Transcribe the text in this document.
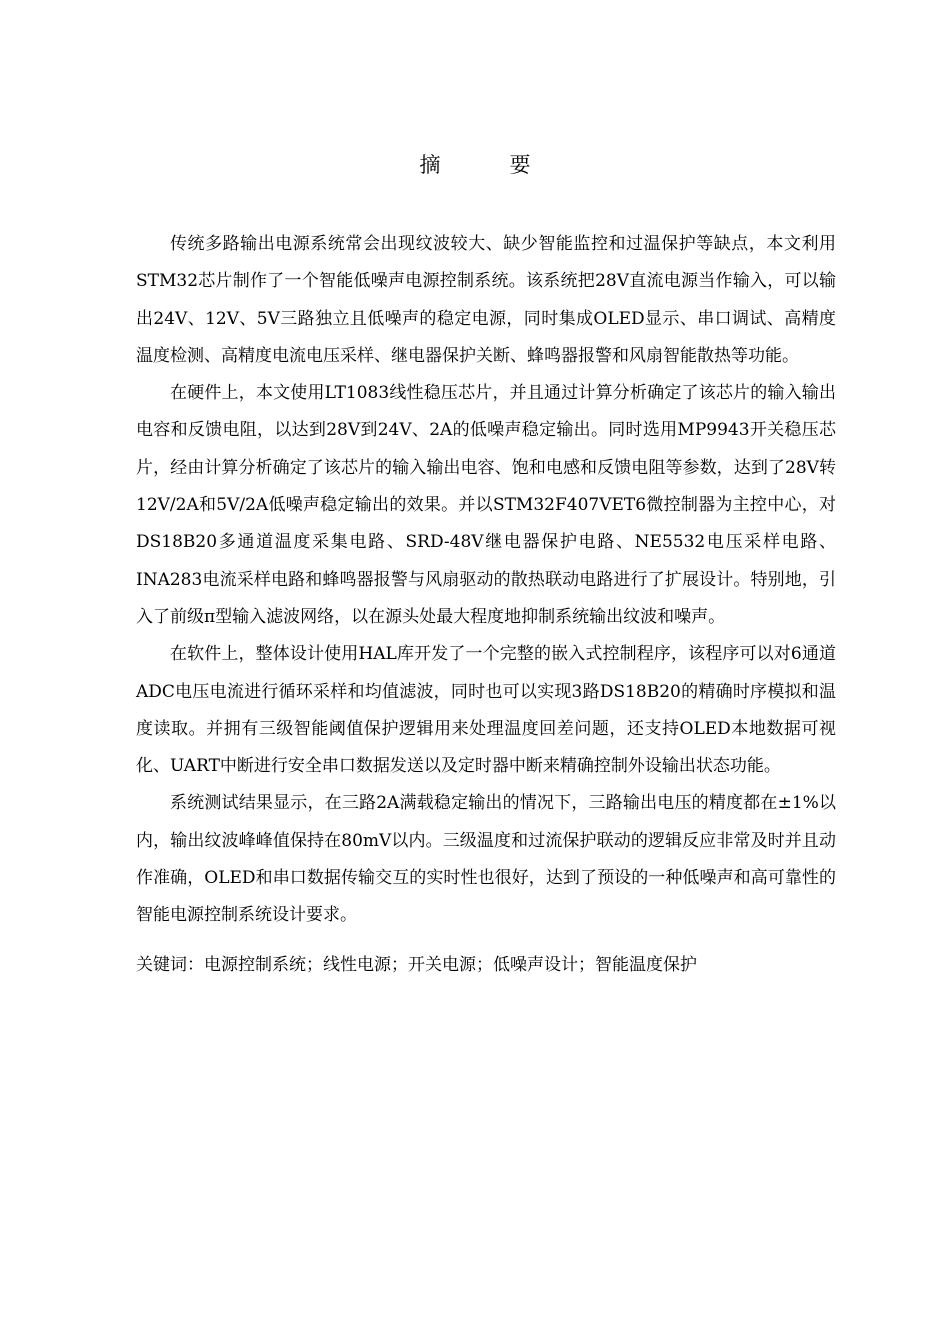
摘　要

传统多路输出电源系统常会出现纹波较大、缺少智能监控和过温保护等缺点，本文利用STM32芯片制作了一个智能低噪声电源控制系统。该系统把28V直流电源当作输入，可以输出24V、12V、5V三路独立且低噪声的稳定电源，同时集成OLED显示、串口调试、高精度温度检测、高精度电流电压采样、继电器保护关断、蜂鸣器报警和风扇智能散热等功能。

在硬件上，本文使用LT1083线性稳压芯片，并且通过计算分析确定了该芯片的输入输出电容和反馈电阻，以达到28V到24V、2A的低噪声稳定输出。同时选用MP9943开关稳压芯片，经由计算分析确定了该芯片的输入输出电容、饱和电感和反馈电阻等参数，达到了28V转12V/2A和5V/2A低噪声稳定输出的效果。并以STM32F407VET6微控制器为主控中心，对DS18B20多通道温度采集电路、SRD-48V继电器保护电路、NE5532电压采样电路、INA283电流采样电路和蜂鸣器报警与风扇驱动的散热联动电路进行了扩展设计。特别地，引入了前级π型输入滤波网络，以在源头处最大程度地抑制系统输出纹波和噪声。

在软件上，整体设计使用HAL库开发了一个完整的嵌入式控制程序，该程序可以对6通道ADC电压电流进行循环采样和均值滤波，同时也可以实现3路DS18B20的精确时序模拟和温度读取。并拥有三级智能阈值保护逻辑用来处理温度回差问题，还支持OLED本地数据可视化、UART中断进行安全串口数据发送以及定时器中断来精确控制外设输出状态功能。

系统测试结果显示，在三路2A满载稳定输出的情况下，三路输出电压的精度都在±1%以内，输出纹波峰峰值保持在80mV以内。三级温度和过流保护联动的逻辑反应非常及时并且动作准确，OLED和串口数据传输交互的实时性也很好，达到了预设的一种低噪声和高可靠性的智能电源控制系统设计要求。

关键词：电源控制系统；线性电源；开关电源；低噪声设计；智能温度保护
